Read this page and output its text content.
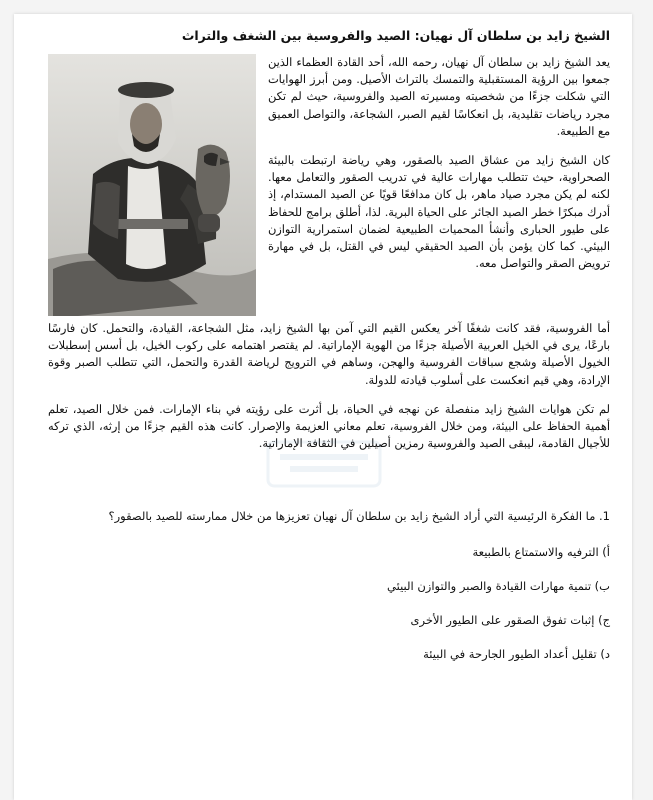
الشيخ زايد بن سلطان آل نهيان: الصيد والفروسية بين الشغف والتراث

يعد الشيخ زايد بن سلطان آل نهيان، رحمه الله، أحد القادة العظماء الذين جمعوا بين الرؤية المستقبلية والتمسك بالتراث الأصيل. ومن أبرز الهوايات التي شكلت جزءًا من شخصيته ومسيرته الصيد والفروسية، حيث لم تكن مجرد رياضات تقليدية، بل انعكاسًا لقيم الصبر، الشجاعة، والتواصل العميق مع الطبيعة.

كان الشيخ زايد من عشاق الصيد بالصقور، وهي رياضة ارتبطت بالبيئة الصحراوية، حيث تتطلب مهارات عالية في تدريب الصقور والتعامل معها. لكنه لم يكن مجرد صياد ماهر، بل كان مدافعًا قويًا عن الصيد المستدام، إذ أدرك مبكرًا خطر الصيد الجائر على الحياة البرية. لذا، أطلق برامج للحفاظ على طيور الحبارى وأنشأ المحميات الطبيعية لضمان استمرارية التوازن البيئي. كما كان يؤمن بأن الصيد الحقيقي ليس في القتل، بل في مهارة ترويض الصقر والتواصل معه.

أما الفروسية، فقد كانت شغفًا آخر يعكس القيم التي آمن بها الشيخ زايد، مثل الشجاعة، القيادة، والتحمل. كان فارسًا بارعًا، يرى في الخيل العربية الأصيلة جزءًا من الهوية الإماراتية. لم يقتصر اهتمامه على ركوب الخيل، بل أسس إسطبلات الخيول الأصيلة وشجع سباقات الفروسية والهجن، وساهم في الترويج لرياضة القدرة والتحمل، التي تتطلب الصبر وقوة الإرادة، وهي قيم انعكست على أسلوب قيادته للدولة.

لم تكن هوايات الشيخ زايد منفصلة عن نهجه في الحياة، بل أثرت على رؤيته في بناء الإمارات. فمن خلال الصيد، تعلم أهمية الحفاظ على البيئة، ومن خلال الفروسية، تعلم معاني العزيمة والإصرار. كانت هذه القيم جزءًا من إرثه، الذي تركه للأجيال القادمة، ليبقى الصيد والفروسية رمزين أصيلين في الثقافة الإماراتية.

1. ما الفكرة الرئيسية التي أراد الشيخ زايد بن سلطان آل نهيان تعزيزها من خلال ممارسته للصيد بالصقور؟
أ) الترفيه والاستمتاع بالطبيعة
ب) تنمية مهارات القيادة والصبر والتوازن البيئي
ج) إثبات تفوق الصقور على الطيور الأخرى
د) تقليل أعداد الطيور الجارحة في البيئة
